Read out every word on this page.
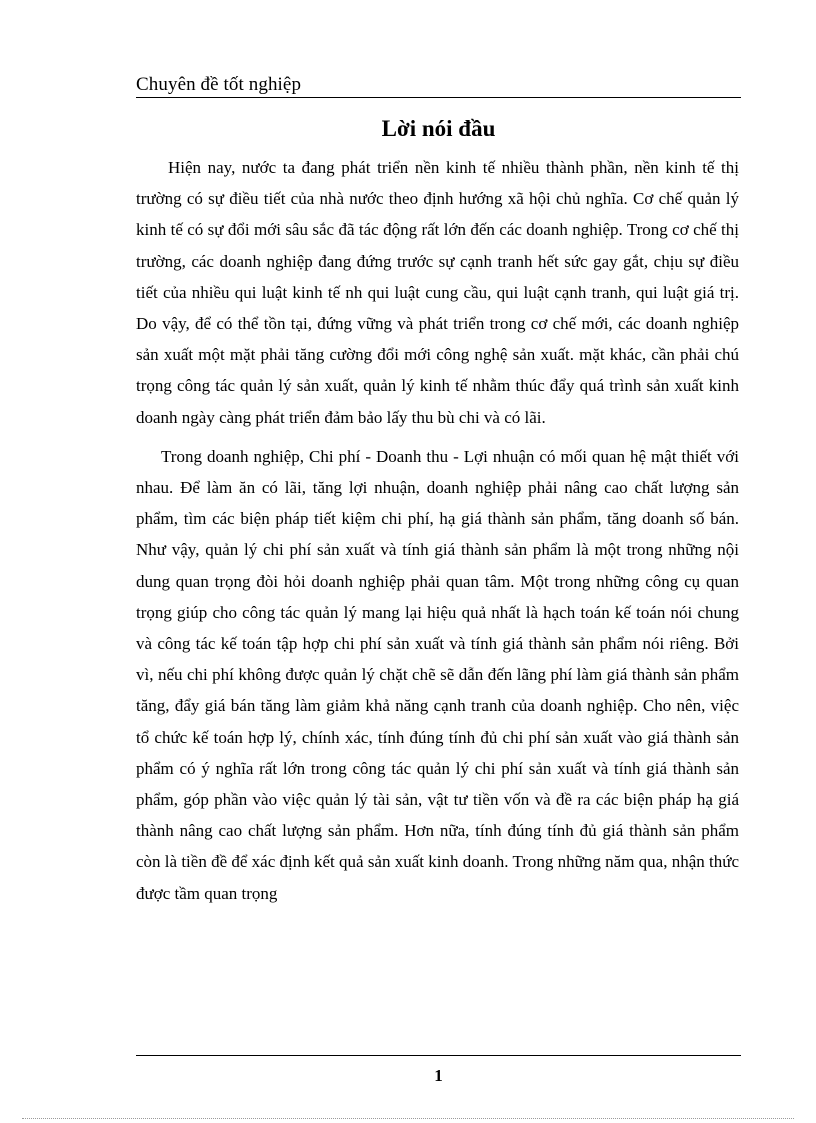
Chuyên đề tốt nghiệp
Lời nói đầu

Hiện nay, nước ta đang phát triển nền kinh tế nhiều thành phần, nền kinh tế thị trường có sự điều tiết của nhà nước theo định hướng xã hội chủ nghĩa. Cơ chế quản lý kinh tế có sự đổi mới sâu sắc đã tác động rất lớn đến các doanh nghiệp. Trong cơ chế thị trường, các doanh nghiệp đang đứng trước sự cạnh tranh hết sức gay gắt, chịu sự điều tiết của nhiều qui luật kinh tế nh qui luật cung cầu, qui luật cạnh tranh, qui luật giá trị. Do vậy, để có thể tồn tại, đứng vững và phát triển trong cơ chế mới, các doanh nghiệp sản xuất một mặt phải tăng cường đổi mới công nghệ sản xuất. mặt khác, cần phải chú trọng công tác quản lý sản xuất, quản lý kinh tế nhằm thúc đẩy quá trình sản xuất kinh doanh ngày càng phát triển đảm bảo lấy thu bù chi và có lãi.

Trong doanh nghiệp, Chi phí - Doanh thu - Lợi nhuận có mối quan hệ mật thiết với nhau. Để làm ăn có lãi, tăng lợi nhuận, doanh nghiệp phải nâng cao chất lượng sản phẩm, tìm các biện pháp tiết kiệm chi phí, hạ giá thành sản phẩm, tăng doanh số bán. Như vậy, quản lý chi phí sản xuất và tính giá thành sản phẩm là một trong những nội dung quan trọng đòi hỏi doanh nghiệp phải quan tâm. Một trong những công cụ quan trọng giúp cho công tác quản lý mang lại hiệu quả nhất là hạch toán kế toán nói chung và công tác kế toán tập hợp chi phí sản xuất và tính giá thành sản phẩm nói riêng. Bởi vì, nếu chi phí không được quản lý chặt chẽ sẽ dẫn đến lãng phí làm giá thành sản phẩm tăng, đẩy giá bán tăng làm giảm khả năng cạnh tranh của doanh nghiệp. Cho nên, việc tổ chức kế toán hợp lý, chính xác, tính đúng tính đủ chi phí sản xuất vào giá thành sản phẩm có ý nghĩa rất lớn trong công tác quản lý chi phí sản xuất và tính giá thành sản phẩm, góp phần vào việc quản lý tài sản, vật tư tiền vốn và đề ra các biện pháp hạ giá thành nâng cao chất lượng sản phẩm. Hơn nữa, tính đúng tính đủ giá thành sản phẩm còn là tiền đề để xác định kết quả sản xuất kinh doanh. Trong những năm qua, nhận thức được tầm quan trọng

1
